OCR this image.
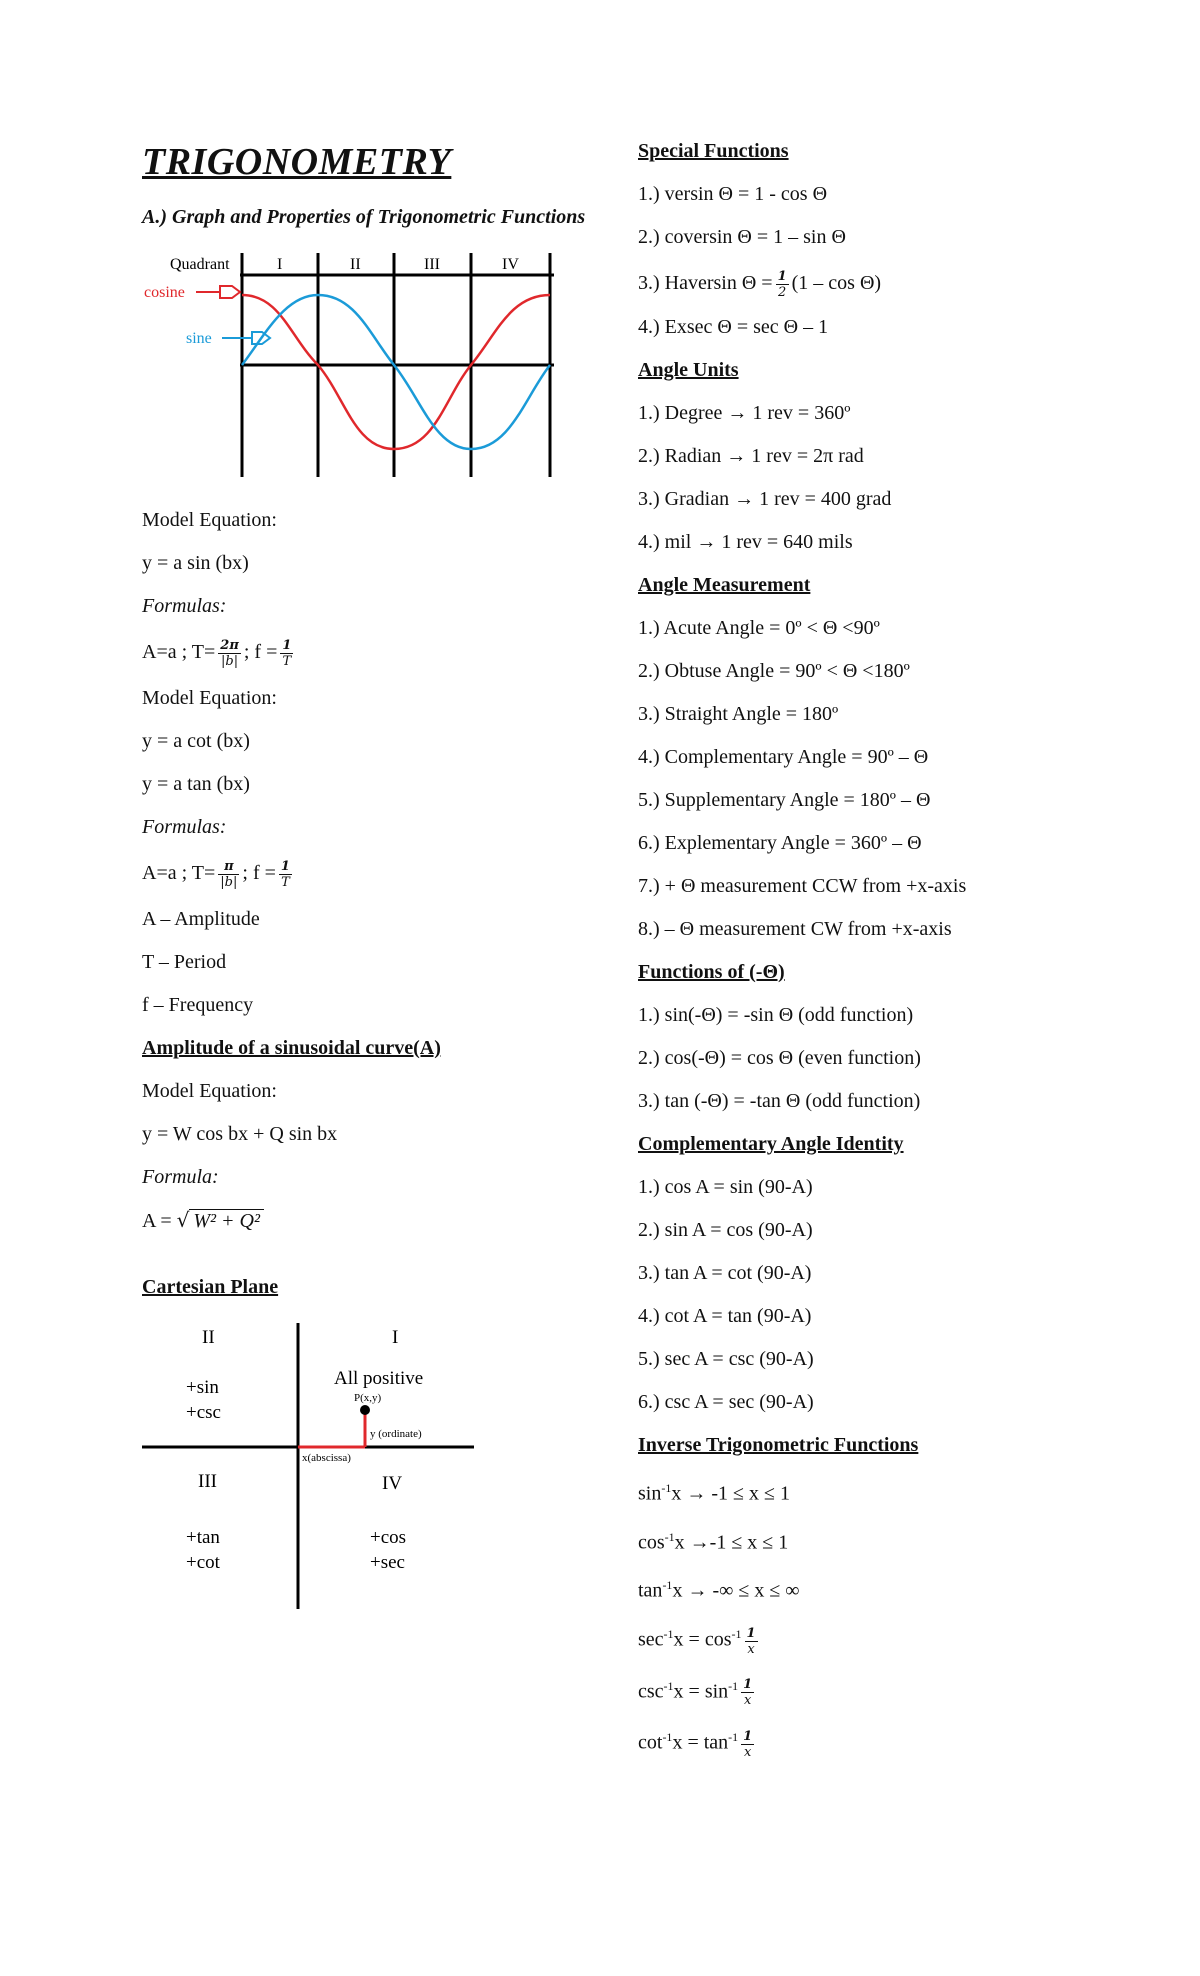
TRIGONOMETRY
A.) Graph and Properties of Trigonometric Functions
Quadrant	I	II	III	IV
cosine
sine
Model Equation:
y = a sin (bx)
Formulas:
A=a ; $T= \frac{2\pi}{|b|}$ ; $f = \frac{1}{T}$
Model Equation:
y = a cot (bx)
y = a tan (bx)
Formulas:
A=a ; $T= \frac{\pi}{|b|}$ ; $f = \frac{1}{T}$
A – Amplitude
T – Period
f – Frequency
Amplitude of a sinusoidal curve(A)
Model Equation:
y = W cos bx + Q sin bx
Formula:
A = √ W² + Q²
Cartesian Plane
II	I
+sin
+csc
All positive
P(x,y)
y (ordinate)
x(abscissa)
III	IV
+tan
+cot
+cos
+sec
Special Functions
1.) versin Θ = 1 - cos Θ
2.) coversin Θ = 1 – sin Θ
3.) Haversin $\Theta = \frac{1}{2} (1 - \cos \Theta)$
4.) Exsec Θ = sec Θ – 1
Angle Units
1.) Degree → 1 rev = 360º
2.) Radian → 1 rev = 2π rad
3.) Gradian → 1 rev = 400 grad
4.) mil → 1 rev = 640 mils
Angle Measurement
1.) Acute Angle = 0º < Θ <90º
2.) Obtuse Angle = 90º < Θ <180º
3.) Straight Angle = 180º
4.) Complementary Angle = 90º – Θ
5.) Supplementary Angle = 180º – Θ
6.) Explementary Angle = 360º – Θ
7.) + Θ measurement CCW from +x-axis
8.) – Θ measurement CW from +x-axis
Functions of (-Θ)
1.) sin(-Θ) = -sin Θ (odd function)
2.) cos(-Θ) = cos Θ (even function)
3.) tan (-Θ) = -tan Θ (odd function)
Complementary Angle Identity
1.) cos A = sin (90-A)
2.) sin A = cos (90-A)
3.) tan A = cot (90-A)
4.) cot A = tan (90-A)
5.) sec A = csc (90-A)
6.) csc A = sec (90-A)
Inverse Trigonometric Functions
$\sin^{-1}x \to -1 \le x \le 1$
$\cos^{-1}x \to-1 \le x \le 1$
$\tan^{-1}x$ → -∞ ≤ x ≤ ∞
$\sec^{-1}x = \cos^{-1} \frac{1}{x}$
$\csc^{-1}x = \sin^{-1} \frac{1}{x}$
$\cot^{-1}x = \tan^{-1} \frac{1}{x}$
